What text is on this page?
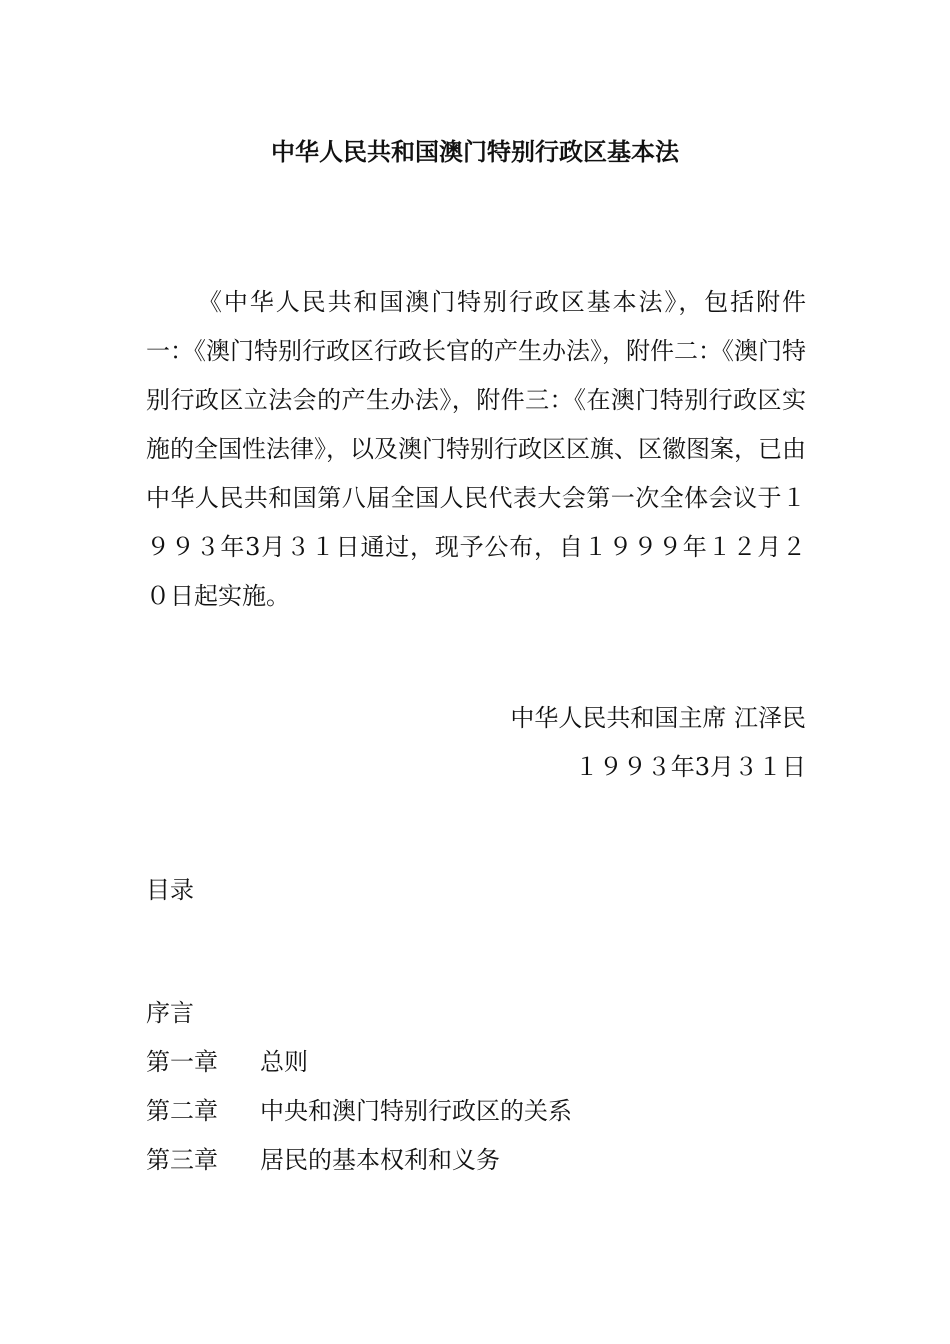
中华人民共和国澳门特别行政区基本法
《中华人民共和国澳门特别行政区基本法》，包括附件一：《澳门特别行政区行政长官的产生办法》，附件二：《澳门特别行政区立法会的产生办法》，附件三：《在澳门特别行政区实施的全国性法律》，以及澳门特别行政区区旗、区徽图案，已由中华人民共和国第八届全国人民代表大会第一次全体会议于１９９３年3月３１日通过，现予公布，自１９９９年１２月２０日起实施。
中华人民共和国主席 江泽民
１９９３年3月３１日
目录
序言
第一章 总则
第二章 中央和澳门特别行政区的关系
第三章 居民的基本权利和义务
